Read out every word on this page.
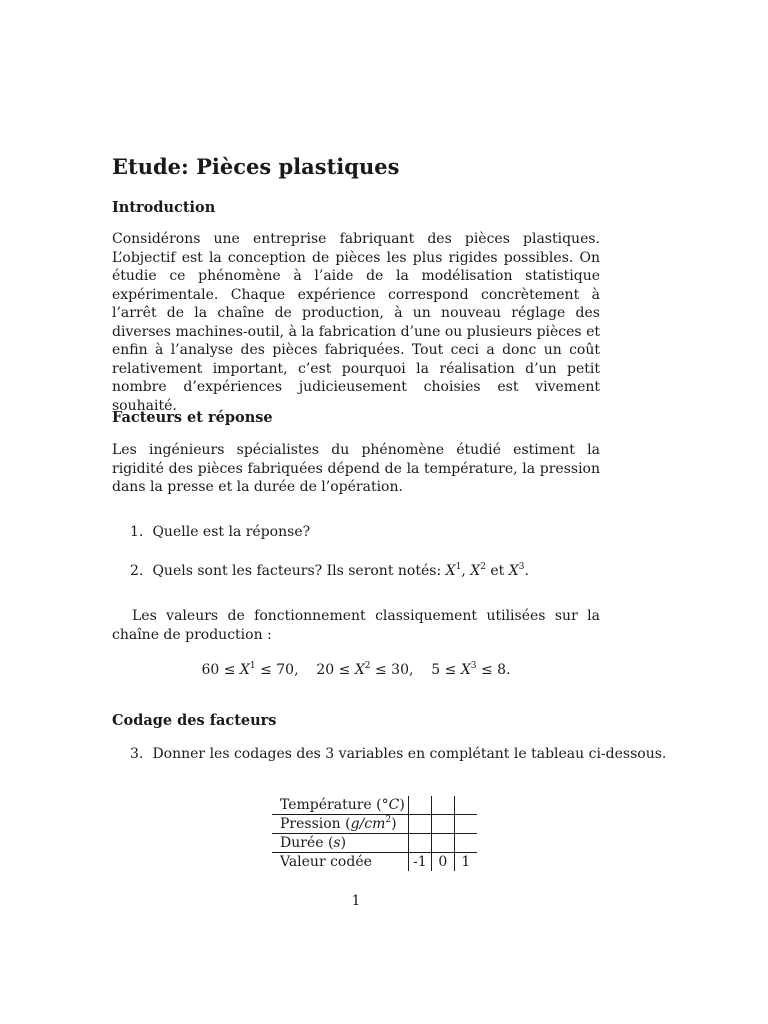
Etude: Pièces plastiques
Introduction

Considérons une entreprise fabriquant des pièces plastiques. L’objectif est la conception de pièces les plus rigides possibles. On étudie ce phénomène à l’aide de la modélisation statistique expérimentale. Chaque expérience correspond concrètement à l’arrêt de la chaîne de production, à un nouveau réglage des diverses machines-outil, à la fabrication d’une ou plusieurs pièces et enfin à l’analyse des pièces fabriquées. Tout ceci a donc un coût relativement important, c’est pourquoi la réalisation d’un petit nombre d’expériences judicieusement choisies est vivement souhaité.

Facteurs et réponse

Les ingénieurs spécialistes du phénomène étudié estiment la rigidité des pièces fabriquées dépend de la température, la pression dans la presse et la durée de l’opération.

1. Quelle est la réponse?
2. Quels sont les facteurs? Ils seront notés: $X^1$, $X^2$ et $X^3$.

Les valeurs de fonctionnement classiquement utilisées sur la chaîne de production :

$60 \le X^1 \le 70$, $20 \le X^2 \le 30$, $5 \le X^3 \le 8$.
Codage des facteurs
3. Donner les codages des 3 variables en complétant le tableau ci-dessous.
Température (°C)			
Pression $(g/cm^2)$			
Durée (s)			
Valeur codée	-1	0	1
1
